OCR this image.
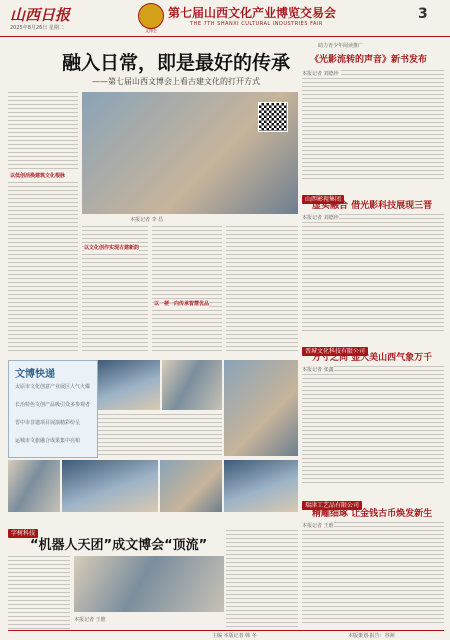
山西日报
2025年8月26日 星期二	文博会
第七届山西文化产业博览交易会
THE 7TH SHANXI CULTURAL INDUSTRIES FAIR
3
融入日常，即是最好的传承
——第七届山西文博会上看古建文化的打开方式
助力青少年阅读推广
《光影流转的声音》新书发布
本报记者 刘德珍
以低创活换建筑文化根脉
本报记者 李 昌
以文化创作实现古建新韵
以一梗一向传承智慧优品
山西影视集团
虚实融合 借光影科技展现三晋
本报记者 刘德珍
晋城文化科技有限公司
方寸之间 显大美山西气象万千
本报记者 张鑫
文博快递
太原市文化创意产业展区人气火爆
长治特色文创产品吸引众多参观者
晋中市非遗项目展演精彩纷呈
运城市文旅融合成果集中亮相
瑞津工艺品有限公司
精雕细琢 让金钱古币焕发新生
本报记者 王维
字树科技
“机器人天团”成文博会“顶流”
本报记者 王维
主编 本版记者 韩 冬	本版策划·报告：谷洲
